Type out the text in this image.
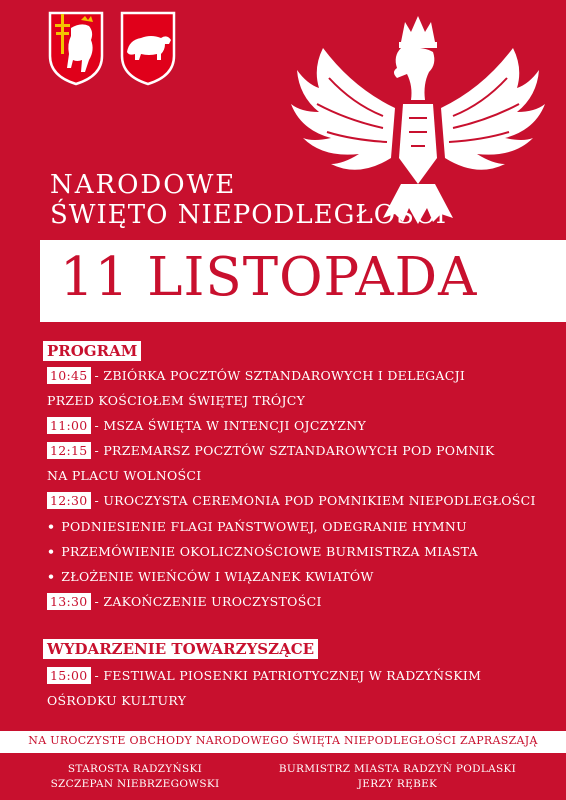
NARODOWE
ŚWIĘTO NIEPODLEGŁOŚCI
11 LISTOPADA
PROGRAM
10:45 - ZBIÓRKA POCZTÓW SZTANDAROWYCH I DELEGACJI
PRZED KOŚCIOŁEM ŚWIĘTEJ TRÓJCY
11:00 - MSZA ŚWIĘTA W INTENCJI OJCZYZNY
12:15 - PRZEMARSZ POCZTÓW SZTANDAROWYCH POD POMNIK
NA PLACU WOLNOŚCI
12:30 - UROCZYSTA CEREMONIA POD POMNIKIEM NIEPODLEGŁOŚCI
• PODNIESIENIE FLAGI PAŃSTWOWEJ, ODEGRANIE HYMNU
• PRZEMÓWIENIE OKOLICZNOŚCIOWE BURMISTRZA MIASTA
• ZŁOŻENIE WIEŃCÓW I WIĄZANEK KWIATÓW
13:30 - ZAKOŃCZENIE UROCZYSTOŚCI
WYDARZENIE TOWARZYSZĄCE
15:00 - FESTIWAL PIOSENKI PATRIOTYCZNEJ W RADZYŃSKIM
OŚRODKU KULTURY
NA UROCZYSTE OBCHODY NARODOWEGO ŚWIĘTA NIEPODLEGŁOŚCI ZAPRASZAJĄ
STAROSTA RADZYŃSKI
SZCZEPAN NIEBRZEGOWSKI
BURMISTRZ MIASTA RADZYŃ PODLASKI
JERZY RĘBEK
